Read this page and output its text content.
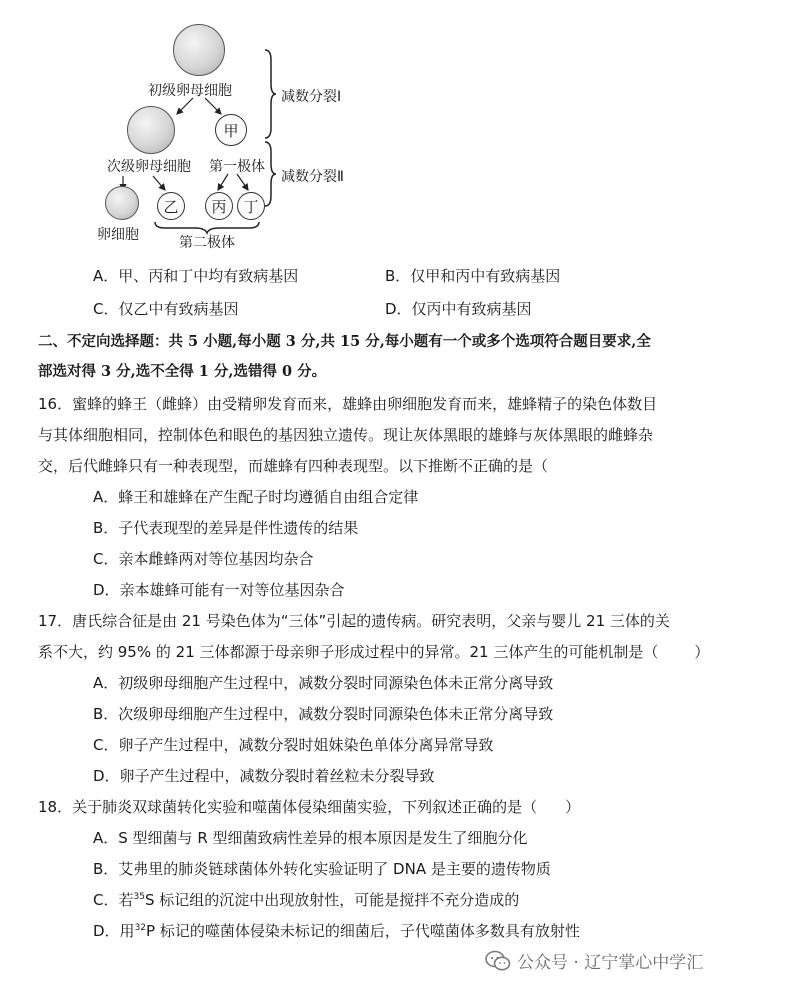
初级卵母细胞
甲
次级卵母细胞 第一极体
乙 丙 丁
卵细胞	第二极体
减数分裂Ⅰ
减数分裂Ⅱ
A．甲、丙和丁中均有致病基因	B．仅甲和丙中有致病基因
C．仅乙中有致病基因	D．仅丙中有致病基因
二、不定向选择题：共 5 小题,每小题 3 分,共 15 分,每小题有一个或多个选项符合题目要求,全
部选对得 3 分,选不全得 1 分,选错得 0 分。
16．蜜蜂的蜂王（雌蜂）由受精卵发育而来，雄蜂由卵细胞发育而来，雄蜂精子的染色体数目
与其体细胞相同，控制体色和眼色的基因独立遗传。现让灰体黑眼的雄蜂与灰体黑眼的雌蜂杂
交，后代雌蜂只有一种表现型，而雄蜂有四种表现型。以下推断不正确的是（
A．蜂王和雄蜂在产生配子时均遵循自由组合定律
B．子代表现型的差异是伴性遗传的结果
C．亲本雌蜂两对等位基因均杂合
D．亲本雄蜂可能有一对等位基因杂合
17．唐氏综合征是由 21 号染色体为“三体”引起的遗传病。研究表明，父亲与婴儿 21 三体的关
系不大，约 95% 的 21 三体都源于母亲卵子形成过程中的异常。21 三体产生的可能机制是（ ）
A．初级卵母细胞产生过程中，减数分裂时同源染色体未正常分离导致
B．次级卵母细胞产生过程中，减数分裂时同源染色体未正常分离导致
C．卵子产生过程中，减数分裂时姐妹染色单体分离异常导致
D．卵子产生过程中，减数分裂时着丝粒未分裂导致
18．关于肺炎双球菌转化实验和噬菌体侵染细菌实验，下列叙述正确的是（ ）
A．S 型细菌与 R 型细菌致病性差异的根本原因是发生了细胞分化
B．艾弗里的肺炎链球菌体外转化实验证明了 DNA 是主要的遗传物质
C．若$^{35}$S 标记组的沉淀中出现放射性，可能是搅拌不充分造成的
D．用$^{32}$P 标记的噬菌体侵染未标记的细菌后，子代噬菌体多数具有放射性
公众号 · 辽宁掌心中学汇
